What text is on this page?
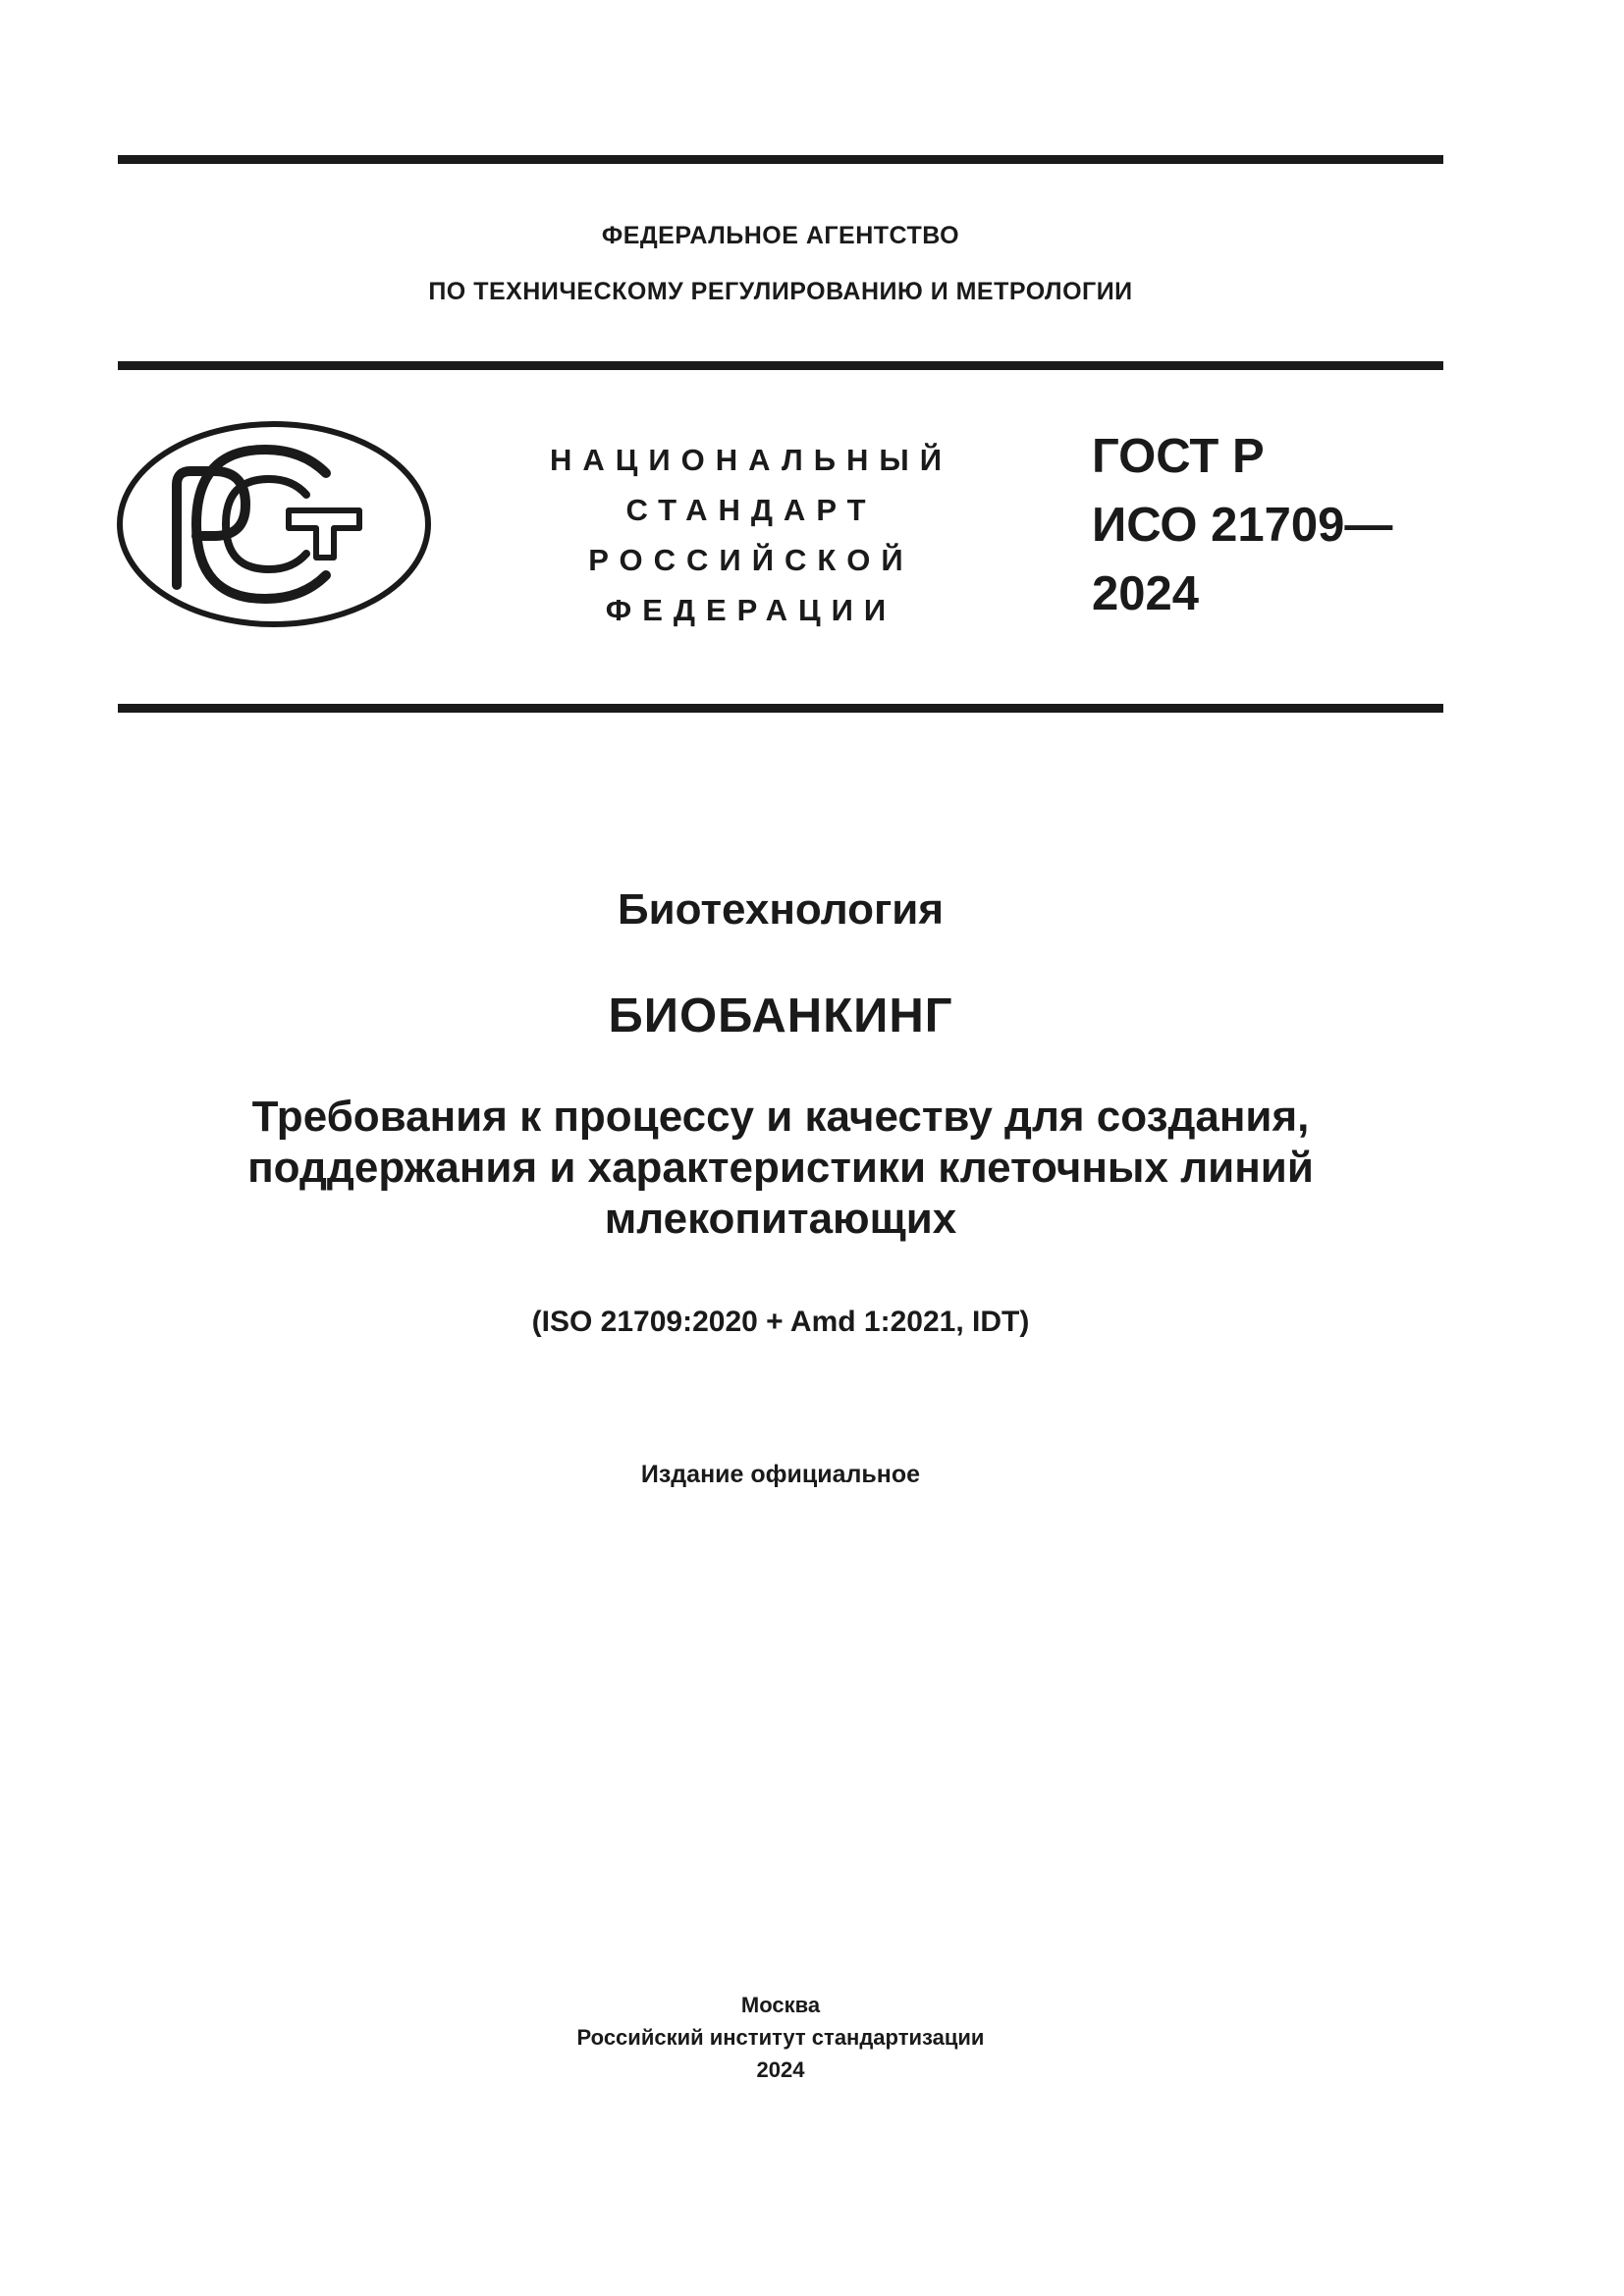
ФЕДЕРАЛЬНОЕ АГЕНТСТВО
ПО ТЕХНИЧЕСКОМУ РЕГУЛИРОВАНИЮ И МЕТРОЛОГИИ
НАЦИОНАЛЬНЫЙ
СТАНДАРТ
РОССИЙСКОЙ
ФЕДЕРАЦИИ
ГОСТ Р
ИСО 21709—
2024
Биотехнология
БИОБАНКИНГ
Требования к процессу и качеству для создания,
поддержания и характеристики клеточных линий
млекопитающих
(ISO 21709:2020 + Amd 1:2021, IDT)
Издание официальное
Москва
Российский институт стандартизации
2024
